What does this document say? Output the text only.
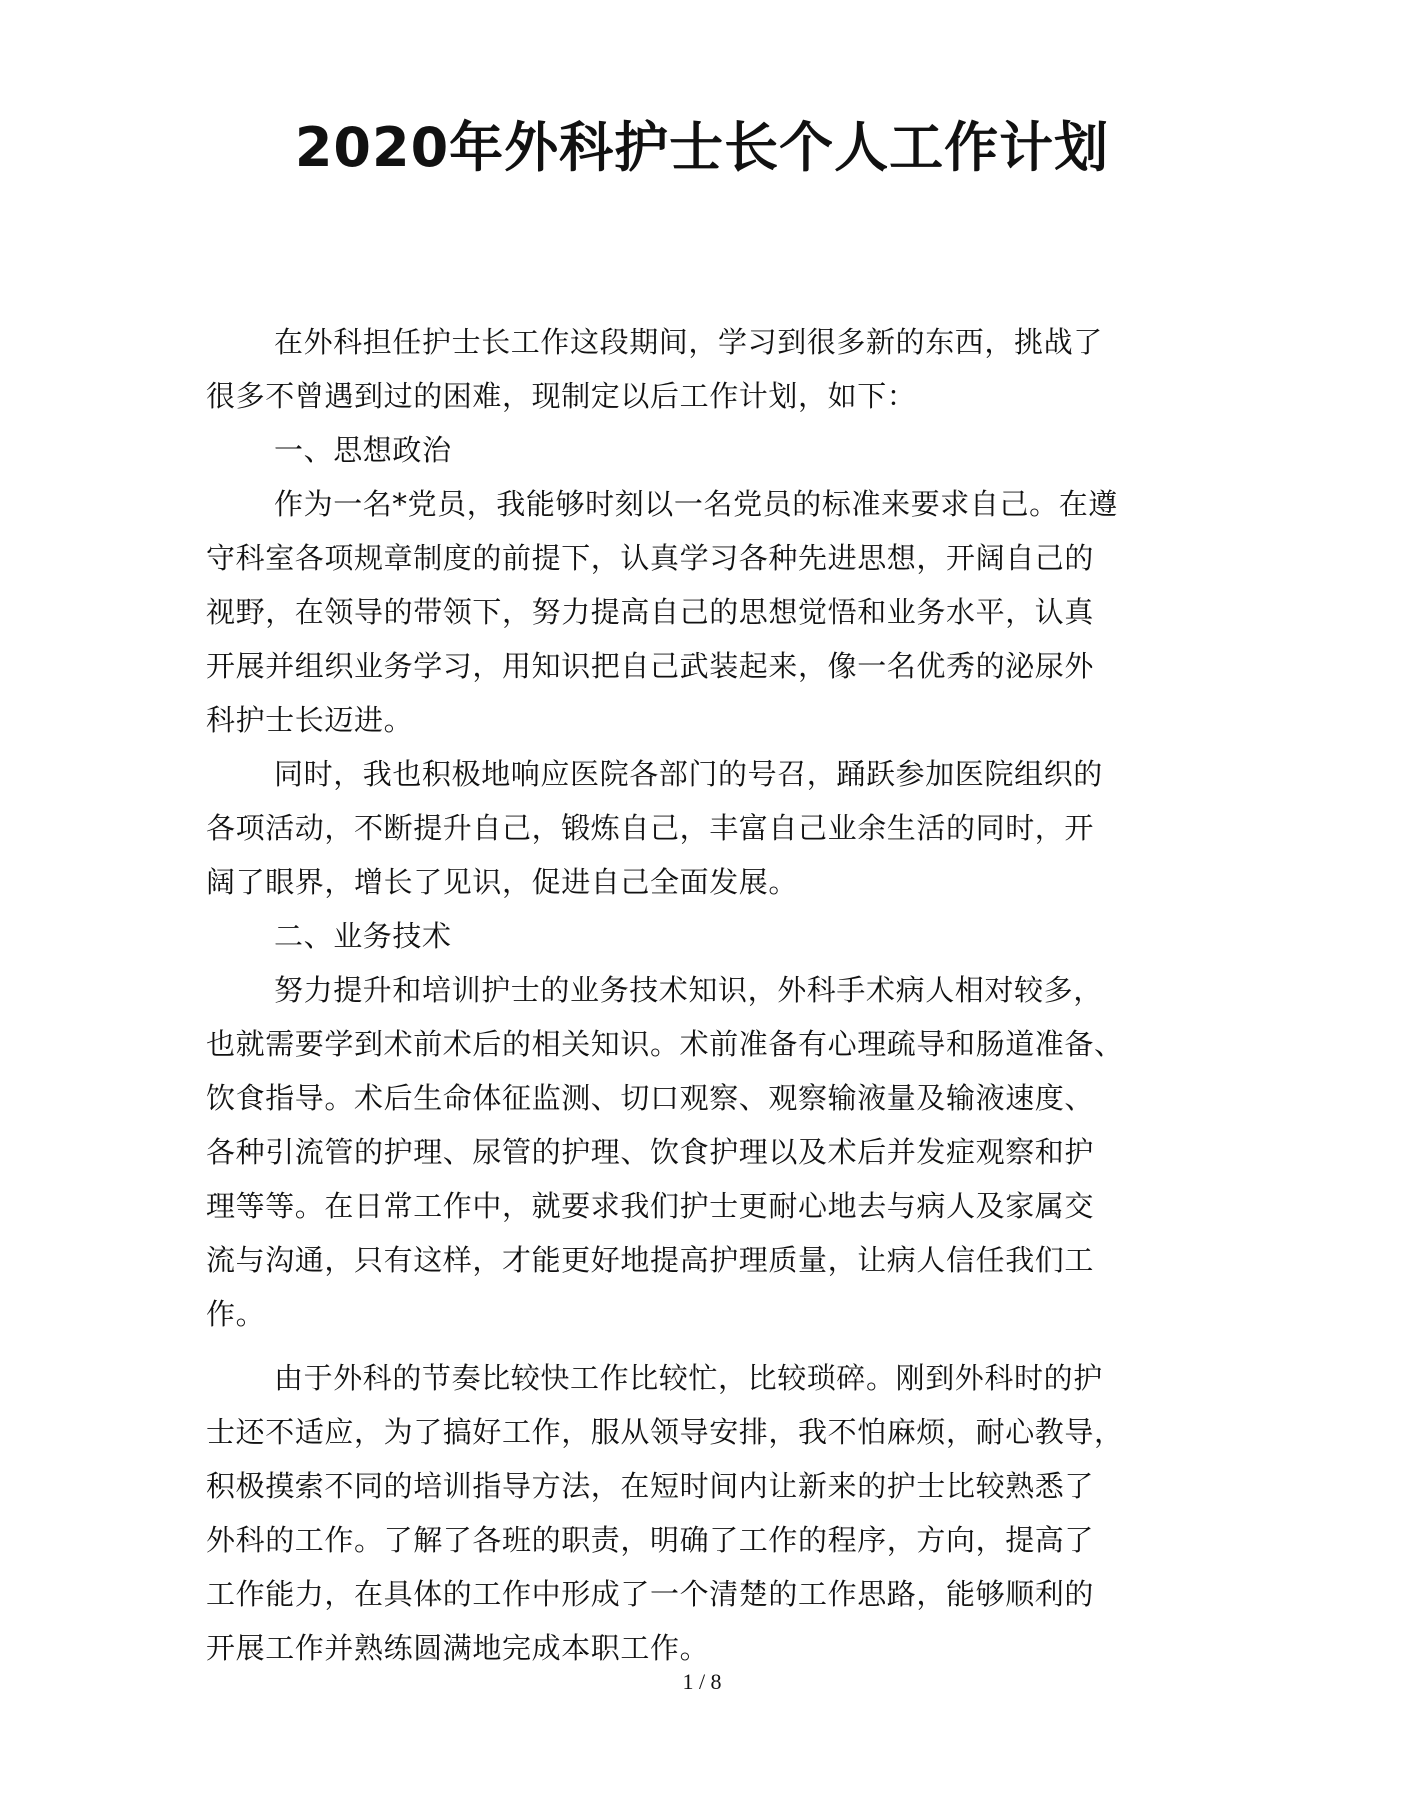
2020年外科护士长个人工作计划
在外科担任护士长工作这段期间，学习到很多新的东西，挑战了
很多不曾遇到过的困难，现制定以后工作计划，如下：
一、思想政治
作为一名*党员，我能够时刻以一名党员的标准来要求自己。在遵
守科室各项规章制度的前提下，认真学习各种先进思想，开阔自己的
视野，在领导的带领下，努力提高自己的思想觉悟和业务水平，认真
开展并组织业务学习，用知识把自己武装起来，像一名优秀的泌尿外
科护士长迈进。
同时，我也积极地响应医院各部门的号召，踊跃参加医院组织的
各项活动，不断提升自己，锻炼自己，丰富自己业余生活的同时，开
阔了眼界，增长了见识，促进自己全面发展。
二、业务技术
努力提升和培训护士的业务技术知识，外科手术病人相对较多，
也就需要学到术前术后的相关知识。术前准备有心理疏导和肠道准备、
饮食指导。术后生命体征监测、切口观察、观察输液量及输液速度、
各种引流管的护理、尿管的护理、饮食护理以及术后并发症观察和护
理等等。在日常工作中，就要求我们护士更耐心地去与病人及家属交
流与沟通，只有这样，才能更好地提高护理质量，让病人信任我们工
作。
由于外科的节奏比较快工作比较忙，比较琐碎。刚到外科时的护
士还不适应，为了搞好工作，服从领导安排，我不怕麻烦，耐心教导，
积极摸索不同的培训指导方法，在短时间内让新来的护士比较熟悉了
外科的工作。了解了各班的职责，明确了工作的程序，方向，提高了
工作能力，在具体的工作中形成了一个清楚的工作思路，能够顺利的
开展工作并熟练圆满地完成本职工作。
1 / 8
